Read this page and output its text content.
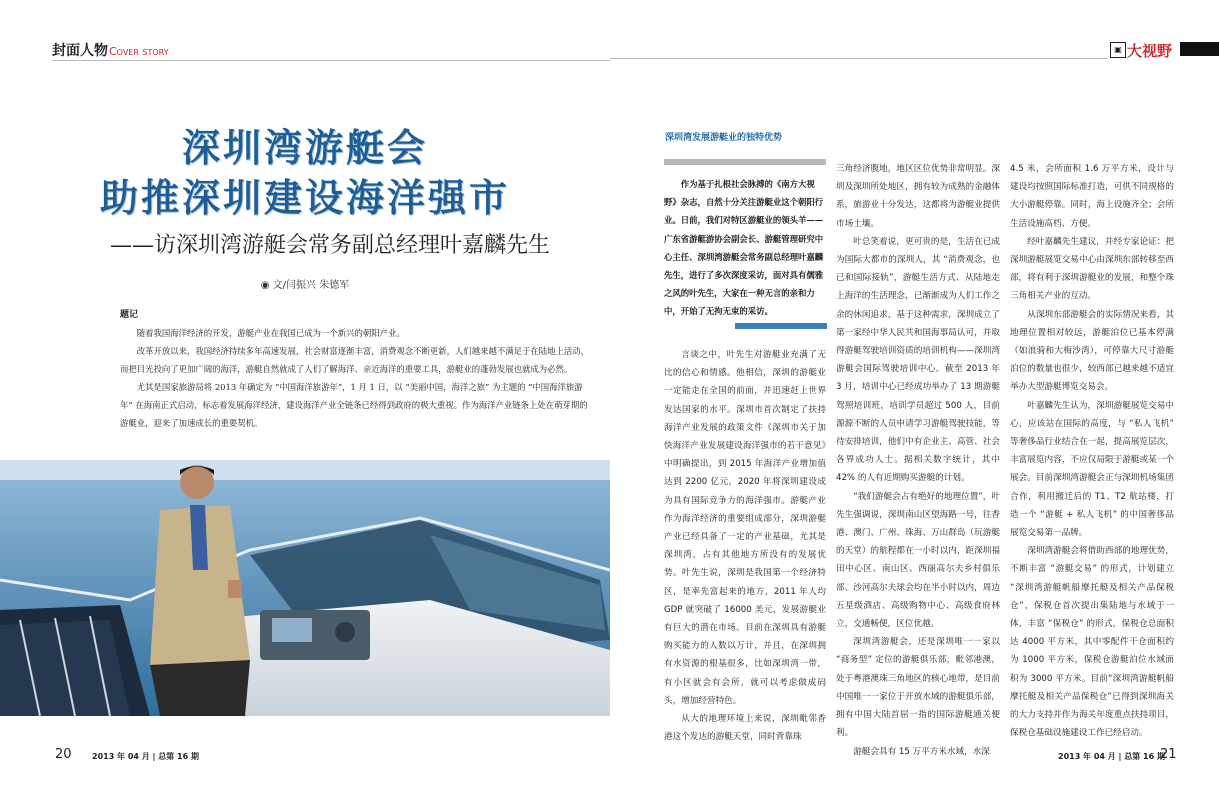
封面人物Cover story
深圳湾游艇会
助推深圳建设海洋强市
——访深圳湾游艇会常务副总经理叶嘉麟先生
◉ 文/闫振兴 朱德军
题记

随着我国海洋经济的开发，游艇产业在我国已成为一个新兴的朝阳产业。

改革开放以来，我国经济持续多年高速发展，社会财富逐渐丰富，消费观念不断更新，人们越来越不满足于在陆地上活动，而把目光投向了更加广阔的海洋，游艇自然就成了人们了解海洋、亲近海洋的重要工具，游艇业的蓬勃发展也就成为必然。

尤其是国家旅游局将 2013 年确定为 “中国海洋旅游年”，1 月 1 日，以 “美丽中国，海洋之旅” 为主题的 “中国海洋旅游年” 在海南正式启动，标志着发展海洋经济，建设海洋产业全链条已经得到政府的极大重视。作为海洋产业链条上处在萌芽期的游艇业，迎来了加速成长的重要契机。

20	2013 年 04 月 | 总第 16 期
▣ 大视野
深圳湾发展游艇业的独特优势
作为基于扎根社会脉搏的《南方大视野》杂志，自然十分关注游艇业这个朝阳行业。日前，我们对特区游艇业的领头羊——广东省游艇游协会副会长、游艇管理研究中心主任、深圳湾游艇会常务副总经理叶嘉麟先生，进行了多次深度采访，面对具有儒雅之风的叶先生，大家在一种无言的亲和力中，开始了无拘无束的采访。

言谈之中，叶先生对游艇业充满了无比的信心和情感。他相信，深圳的游艇业一定能走在全国的前面，并迅速赶上世界发达国家的水平。深圳市首次制定了扶持海洋产业发展的政策文件《深圳市关于加快海洋产业发展建设海洋强市的若干意见》中明确提出，到 2015 年海洋产业增加值达到 2200 亿元，2020 年将深圳建设成为具有国际竞争力的海洋强市。游艇产业作为海洋经济的重要组成部分，深圳游艇产业已经具备了一定的产业基础，尤其是深圳湾，占有其他地方所没有的发展优势。叶先生说，深圳是我国第一个经济特区，是率先富起来的地方，2011 年人均 GDP 就突破了 16000 美元，发展游艇业有巨大的潜在市场。目前在深圳具有游艇购买能力的人数以万计，并且，在深圳拥有水资源的根基很多，比如深圳湾一带，有小区就会有会所，就可以考虑做成码头，增加经营特色。

从大的地理环境上来说，深圳毗邻香港这个发达的游艇天堂，同时背靠珠

三角经济腹地，地区区位优势非常明显。深圳及深圳所处地区，拥有较为成熟的金融体系，旅游业十分发达，这都将为游艇业提供市场土壤。

叶总笑着说，更可贵的是，生活在已成为国际大都市的深圳人，其 “消费观念，也已和国际接轨”，游艇生活方式、从陆地走上海洋的生活理念，已渐渐成为人们工作之余的休闲追求，基于这种需求，深圳成立了第一家经中华人民共和国海事局认可，并取得游艇驾驶培训资质的培训机构——深圳湾游艇会国际驾驶培训中心。截至 2013 年 3 月，培训中心已经成功举办了 13 期游艇驾照培训班，培训学员超过 500 人，目前源源不断的人员申请学习游艇驾驶技能，等待安排培训，他们中有企业主、高管、社会各界成功人士。据相关数字统计，其中 42% 的人有近期购买游艇的计划。

“我们游艇会占有绝好的地理位置”，叶先生强调说，深圳南山区望海路一号，往香港、澳门、广州、珠海、万山群岛（玩游艇的天堂）的航程都在一小时以内，距深圳福田中心区、南山区、西丽高尔夫乡村俱乐部、沙河高尔夫球会均在半小时以内，周边五星级酒店、高级购物中心、高级食府林立，交通畅便，区位优越。

深圳湾游艇会，还是深圳唯一一家以 “商务型” 定位的游艇俱乐部，毗邻港澳，处于粤港澳珠三角地区的核心地带，是目前中国唯一一家位于开放水域的游艇俱乐部，拥有中国大陆首屈一指的国际游艇通关便利。

游艇会具有 15 万平方米水域，水深

4.5 米，会所面积 1.6 万平方米，设计与建设均按照国际标准打造，可供不同规格的大小游艇停靠。同时，海上设施齐全；会所生活设施高档、方便。

经叶嘉麟先生建议，并经专家论证：把深圳游艇展览交易中心由深圳东部转移至西部，将有利于深圳游艇业的发展，和整个珠三角相关产业的互动。

从深圳东部游艇会的实际情况来看，其地理位置相对较远，游艇泊位已基本停满（如浪骑和大梅沙湾），可停靠大尺寸游艇泊位的数量也很少，较西部已越来越不适宜举办大型游艇博览交易会。

叶嘉麟先生认为，深圳游艇展览交易中心，应该站在国际的高度，与 “私人飞机” 等奢侈品行业结合在一起，提高展览层次，丰富展览内容，不应仅局限于游艇或某一个展会。目前深圳湾游艇会正与深圳机场集团合作，利用搬迁后的 T1、T2 航站楼，打造一个 “游艇 + 私人飞机” 的中国奢侈品展览交易第一品牌。

深圳湾游艇会将借助西部的地理优势，不断丰富 “游艇交易” 的形式，计划建立 “深圳湾游艇帆船摩托艇及相关产品保税仓”，保税仓首次提出集陆地与水域于一体，丰富 “保税仓” 的形式，保税仓总面积达 4000 平方米，其中零配件干仓面积约为 1000 平方米，保税仓游艇泊位水域面积为 3000 平方米。目前“深圳湾游艇帆船摩托艇及相关产品保税仓”已得到深圳海关的大力支持并作为海关年度重点扶持项目，保税仓基础设施建设工作已经启动。

2013 年 04 月 | 总第 16 期
21
